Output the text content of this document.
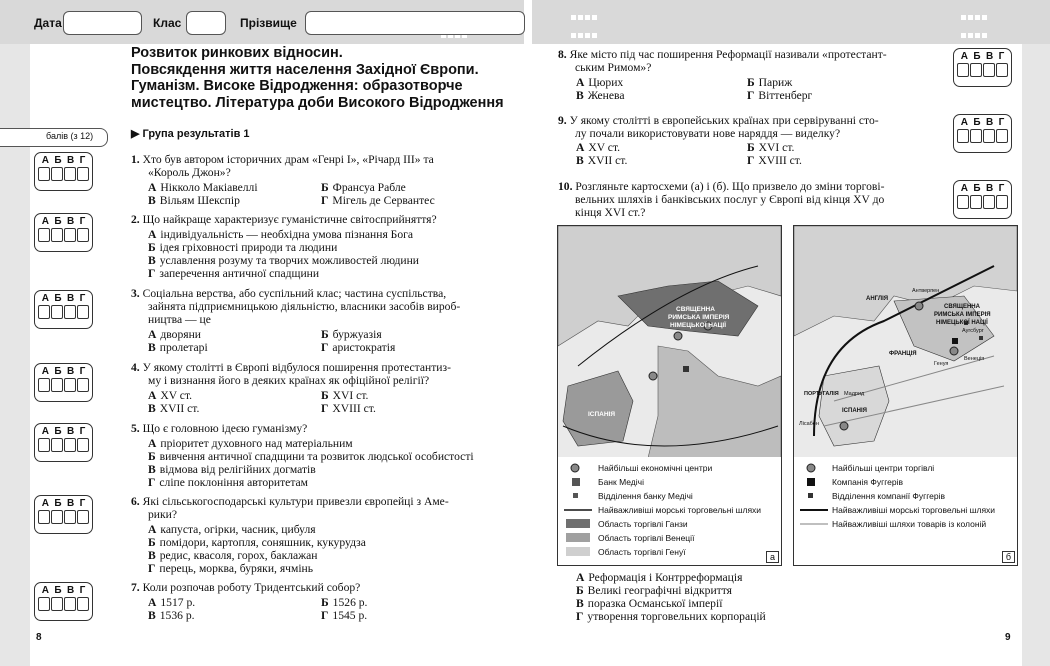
Дата	Клас	Прізвище
Розвиток ринкових відносин.
Повсякдення життя населення Західної Європи.
Гуманізм. Високе Відродження: образотворче
мистецтво. Література доби Високого Відродження
балів (з 12)	▶ Група результатів 1
А Б В Г
А Б В Г
А Б В Г
А Б В Г
А Б В Г
А Б В Г
А Б В Г
А Б В Г
А Б В Г
А Б В Г
1. Хто був автором історичних драм «Генрі І», «Річард ІІІ» та
«Король Джон»?
А Нікколо Макіавеллі	Б Франсуа Рабле
В Вільям Шекспір	Г Мігель де Сервантес
2. Що найкраще характеризує гуманістичне світосприйняття?
А індивідуальність — необхідна умова пізнання Бога
Б ідея гріховності природи та людини
В уславлення розуму та творчих можливостей людини
Г заперечення античної спадщини
3. Соціальна верства, або суспільний клас; частина суспільства,
зайнята підприємницькою діяльністю, власники засобів вироб-
ництва — це
А дворяни	Б буржуазія
В пролетарі	Г аристократія
4. У якому столітті в Європі відбулося поширення протестантиз-
му і визнання його в деяких країнах як офіційної релігії?
А XV ст.	Б XVI ст.
В XVII ст.	Г XVIII ст.
5. Що є головною ідеєю гуманізму?
А пріоритет духовного над матеріальним
Б вивчення античної спадщини та розвиток людської особистості
В відмова від релігійних догматів
Г сліпе поклоніння авторитетам
6. Які сільськогосподарські культури привезли європейці з Аме-
рики?
А капуста, огірки, часник, цибуля
Б помідори, картопля, соняшник, кукурудза
В редис, квасоля, горох, баклажан
Г перець, морква, буряки, ячмінь
7. Коли розпочав роботу Тридентський собор?
А 1517 р.	Б 1526 р.
В 1536 р.	Г 1545 р.
8. Яке місто під час поширення Реформації називали «протестант-
ським Римом»?
А Цюрих	Б Париж
В Женева	Г Віттенберг
9. У якому столітті в європейських країнах при сервіруванні сто-
лу почали використовувати нове наряддя — виделку?
А XV ст.	Б XVI ст.
В XVII ст.	Г XVIII ст.
10. Розгляньте картосхеми (а) і (б). Що призвело до зміни торгові-
вельних шляхів і банківських послуг у Європі від кінця XV до
кінця XVI ст.?
СВЯЩЕННА
РИМСЬКА ІМПЕРІЯ
НІМЕЦЬКОЇ НАЦІЇ
ІСПАНІЯ
АНГЛІЯ
СВЯЩЕННА
РИМСЬКА ІМПЕРІЯ
НІМЕЦЬКОЇ НАЦІЇ
ФРАНЦІЯ
ПОРТУГАЛІЯ
ІСПАНІЯ
Мадрид
Лісабон
Антверпен
Аугсбург
Генуя
Венеція
Найбільші економічні центри
Банк Медічі
Відділення банку Медічі
Найважливіші морські торговельні шляхи
Область торгівлі Ганзи
Область торгівлі Венеції
Область торгівлі Генуї	а
Найбільші центри торгівлі
Компанія Фуггерів
Відділення компанії Фуггерів
Найважливіші морські торговельні шляхи
Найважливіші шляхи товарів із колоній
б
А Реформація і Контрреформація
Б Великі географічні відкриття
В поразка Османської імперії
Г утворення торговельних корпорацій
8	9
